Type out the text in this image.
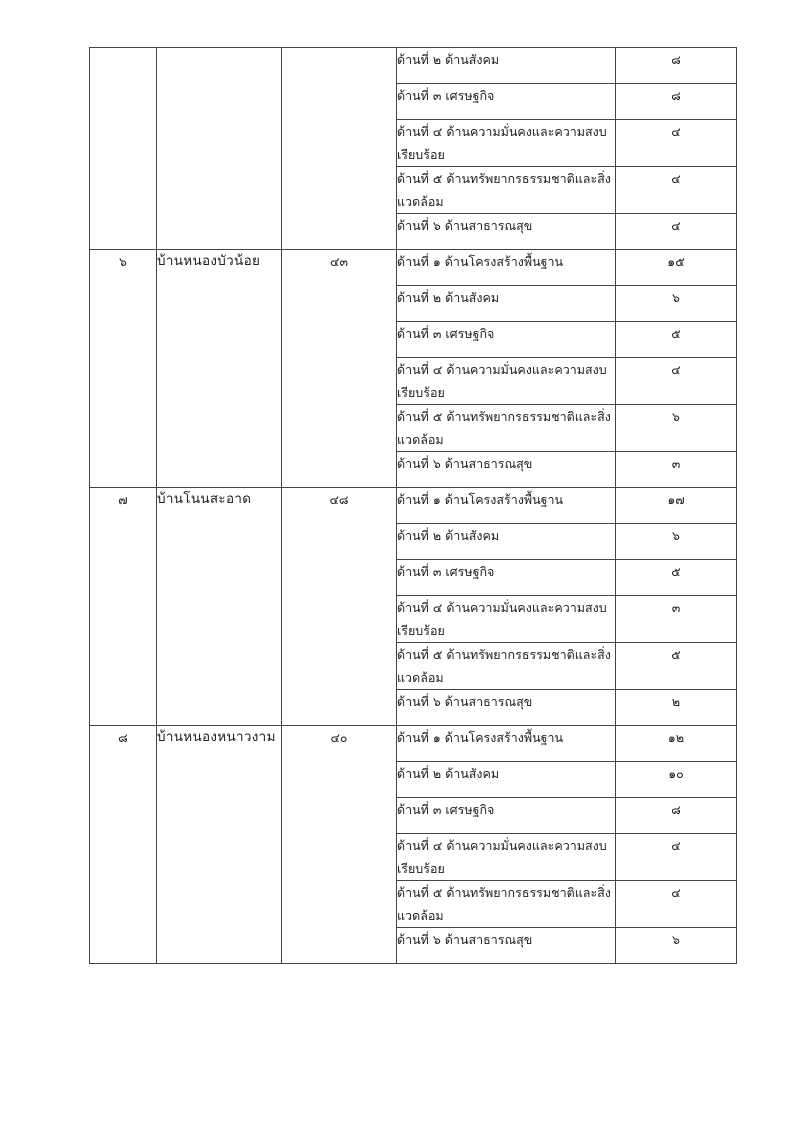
			ด้านที่ ๒ ด้านสังคม	๘
			ด้านที่ ๓ เศรษฐกิจ	๘
			ด้านที่ ๔ ด้านความมั่นคงและความสงบเรียบร้อย	๔
			ด้านที่ ๕ ด้านทรัพยากรธรรมชาติและสิ่งแวดล้อม	๔
			ด้านที่ ๖ ด้านสาธารณสุข	๔
๖	บ้านหนองบัวน้อย	๔๓	ด้านที่ ๑ ด้านโครงสร้างพื้นฐาน	๑๕
			ด้านที่ ๒ ด้านสังคม	๖
			ด้านที่ ๓ เศรษฐกิจ	๕
			ด้านที่ ๔ ด้านความมั่นคงและความสงบเรียบร้อย	๔
			ด้านที่ ๕ ด้านทรัพยากรธรรมชาติและสิ่งแวดล้อม	๖
			ด้านที่ ๖ ด้านสาธารณสุข	๓
๗	บ้านโนนสะอาด	๔๘	ด้านที่ ๑ ด้านโครงสร้างพื้นฐาน	๑๗
			ด้านที่ ๒ ด้านสังคม	๖
			ด้านที่ ๓ เศรษฐกิจ	๕
			ด้านที่ ๔ ด้านความมั่นคงและความสงบเรียบร้อย	๓
			ด้านที่ ๕ ด้านทรัพยากรธรรมชาติและสิ่งแวดล้อม	๕
			ด้านที่ ๖ ด้านสาธารณสุข	๒
๘	บ้านหนองหนาวงาม	๔๐	ด้านที่ ๑ ด้านโครงสร้างพื้นฐาน	๑๒
			ด้านที่ ๒ ด้านสังคม	๑๐
			ด้านที่ ๓ เศรษฐกิจ	๘
			ด้านที่ ๔ ด้านความมั่นคงและความสงบเรียบร้อย	๔
			ด้านที่ ๕ ด้านทรัพยากรธรรมชาติและสิ่งแวดล้อม	๔
			ด้านที่ ๖ ด้านสาธารณสุข	๖
